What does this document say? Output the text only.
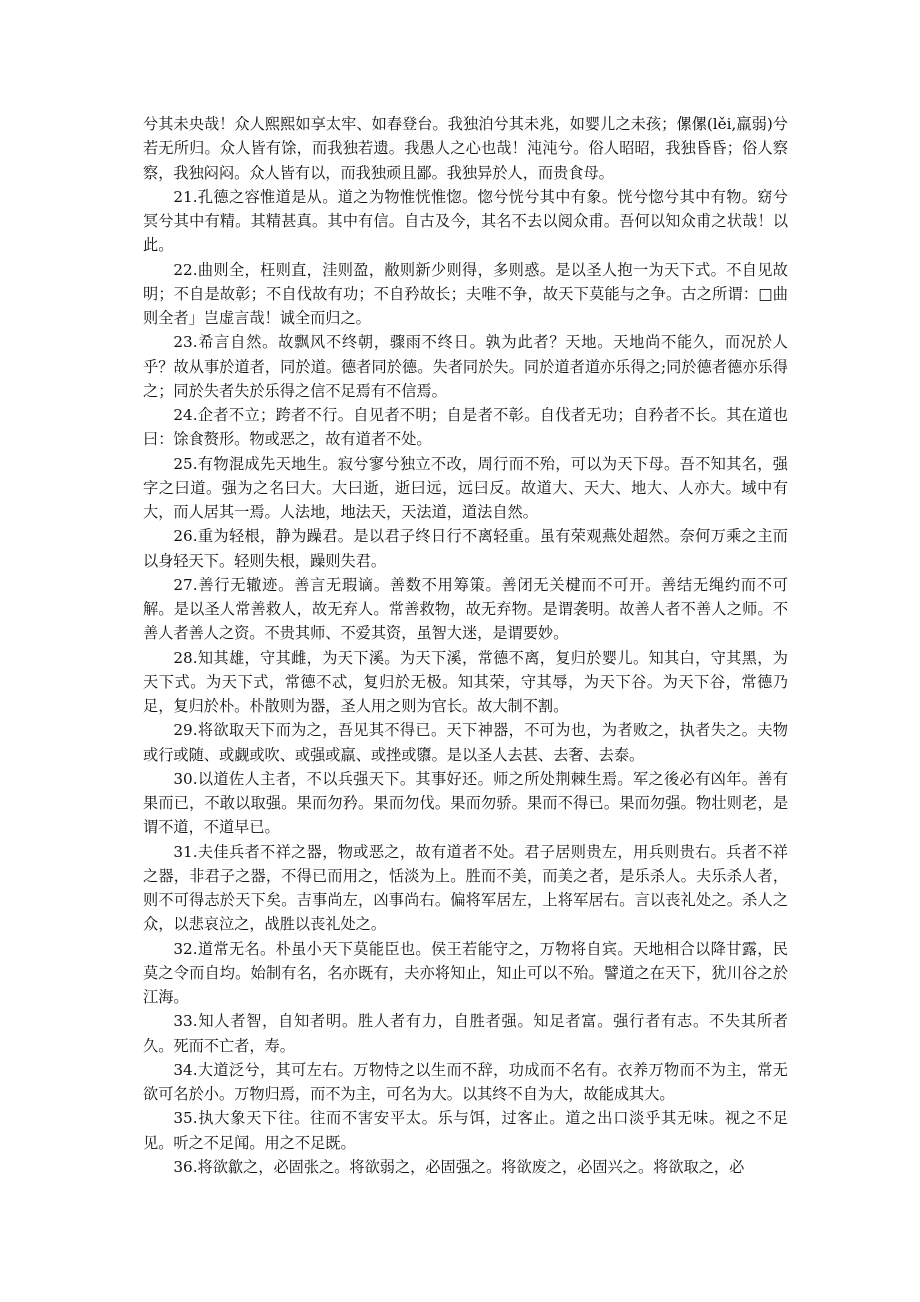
兮其未央哉！众人熙熙如享太牢、如春登台。我独泊兮其未兆，如婴儿之未孩；傫傫(lěi,羸弱)兮若无所归。众人皆有馀，而我独若遗。我愚人之心也哉！沌沌兮。俗人昭昭，我独昏昏；俗人察察，我独闷闷。众人皆有以，而我独顽且鄙。我独异於人，而贵食母。

21.孔德之容惟道是从。道之为物惟恍惟惚。惚兮恍兮其中有象。恍兮惚兮其中有物。窈兮冥兮其中有精。其精甚真。其中有信。自古及今，其名不去以阅众甫。吾何以知众甫之状哉！以此。

22.曲则全，枉则直，洼则盈，敝则新少则得，多则惑。是以圣人抱一为天下式。不自见故明；不自是故彰；不自伐故有功；不自矜故长；夫唯不争，故天下莫能与之争。古之所谓：□曲则全者」岂虚言哉！诚全而归之。

23.希言自然。故飘风不终朝，骤雨不终日。孰为此者？天地。天地尚不能久，而况於人乎？故从事於道者，同於道。德者同於德。失者同於失。同於道者道亦乐得之;同於德者德亦乐得之；同於失者失於乐得之信不足焉有不信焉。

24.企者不立；跨者不行。自见者不明；自是者不彰。自伐者无功；自矜者不长。其在道也曰：馀食赘形。物或恶之，故有道者不处。

25.有物混成先天地生。寂兮寥兮独立不改，周行而不殆，可以为天下母。吾不知其名，强字之曰道。强为之名曰大。大曰逝，逝曰远，远曰反。故道大、天大、地大、人亦大。域中有大，而人居其一焉。人法地，地法天，天法道，道法自然。

26.重为轻根，静为躁君。是以君子终日行不离轻重。虽有荣观燕处超然。奈何万乘之主而以身轻天下。轻则失根，躁则失君。

27.善行无辙迹。善言无瑕谪。善数不用筹策。善闭无关楗而不可开。善结无绳约而不可解。是以圣人常善救人，故无弃人。常善救物，故无弃物。是谓袭明。故善人者不善人之师。不善人者善人之资。不贵其师、不爱其资，虽智大迷，是谓要妙。

28.知其雄，守其雌，为天下溪。为天下溪，常德不离，复归於婴儿。知其白，守其黑，为天下式。为天下式，常德不忒，复归於无极。知其荣，守其辱，为天下谷。为天下谷，常德乃足，复归於朴。朴散则为器，圣人用之则为官长。故大制不割。

29.将欲取天下而为之，吾见其不得已。天下神器，不可为也，为者败之，执者失之。夫物或行或随、或觑或吹、或强或羸、或挫或隳。是以圣人去甚、去奢、去泰。

30.以道佐人主者，不以兵强天下。其事好还。师之所处荆棘生焉。军之後必有凶年。善有果而已，不敢以取强。果而勿矜。果而勿伐。果而勿骄。果而不得已。果而勿强。物壮则老，是谓不道，不道早已。

31.夫佳兵者不祥之器，物或恶之，故有道者不处。君子居则贵左，用兵则贵右。兵者不祥之器，非君子之器，不得已而用之，恬淡为上。胜而不美，而美之者，是乐杀人。夫乐杀人者，则不可得志於天下矣。吉事尚左，凶事尚右。偏将军居左，上将军居右。言以丧礼处之。杀人之众，以悲哀泣之，战胜以丧礼处之。

32.道常无名。朴虽小天下莫能臣也。侯王若能守之，万物将自宾。天地相合以降甘露，民莫之令而自均。始制有名，名亦既有，夫亦将知止，知止可以不殆。譬道之在天下，犹川谷之於江海。

33.知人者智，自知者明。胜人者有力，自胜者强。知足者富。强行者有志。不失其所者久。死而不亡者，寿。

34.大道泛兮，其可左右。万物恃之以生而不辞，功成而不名有。衣养万物而不为主，常无欲可名於小。万物归焉，而不为主，可名为大。以其终不自为大，故能成其大。

35.执大象天下往。往而不害安平太。乐与饵，过客止。道之出口淡乎其无味。视之不足见。听之不足闻。用之不足既。

36.将欲歙之，必固张之。将欲弱之，必固强之。将欲废之，必固兴之。将欲取之，必
